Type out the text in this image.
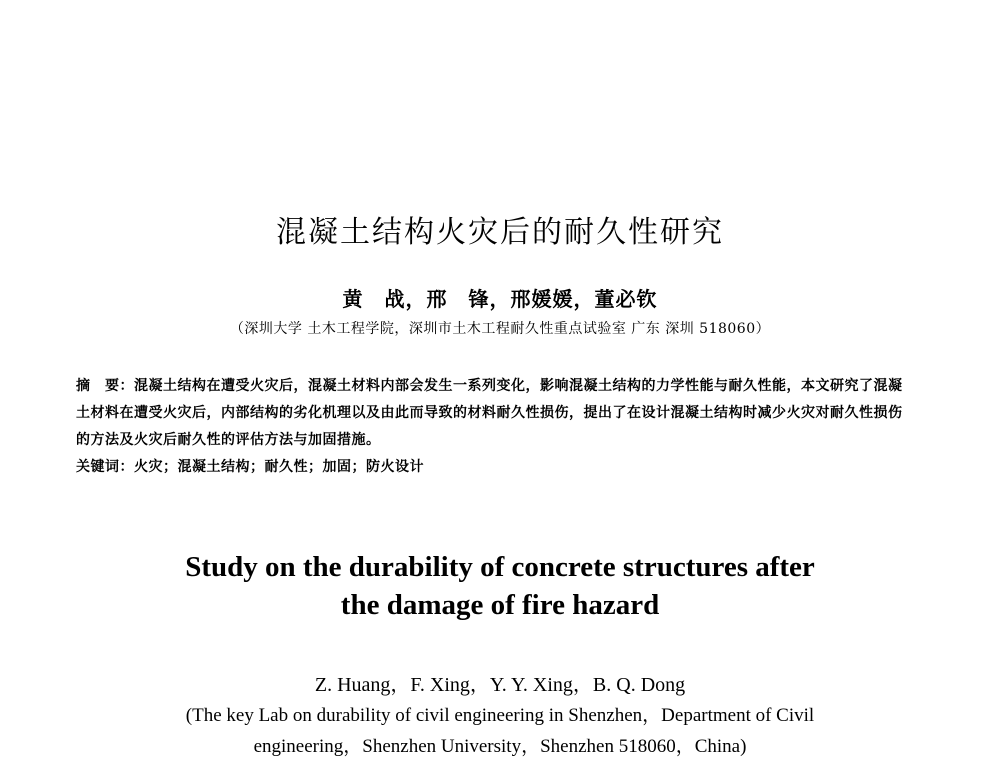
混凝土结构火灾后的耐久性研究
黄　战，邢　锋，邢媛媛，董必钦
（深圳大学 土木工程学院，深圳市土木工程耐久性重点试验室 广东 深圳 518060）

摘　要：混凝土结构在遭受火灾后，混凝土材料内部会发生一系列变化，影响混凝土结构的力学性能与耐久性能，本文研究了混凝土材料在遭受火灾后，内部结构的劣化机理以及由此而导致的材料耐久性损伤，提出了在设计混凝土结构时减少火灾对耐久性损伤的方法及火灾后耐久性的评估方法与加固措施。

关键词：火灾；混凝土结构；耐久性；加固；防火设计

Study on the durability of concrete structures after
the damage of fire hazard
Z. Huang，F. Xing，Y. Y. Xing，B. Q. Dong
(The key Lab on durability of civil engineering in Shenzhen，Department of Civil
engineering，Shenzhen University，Shenzhen 518060，China)
